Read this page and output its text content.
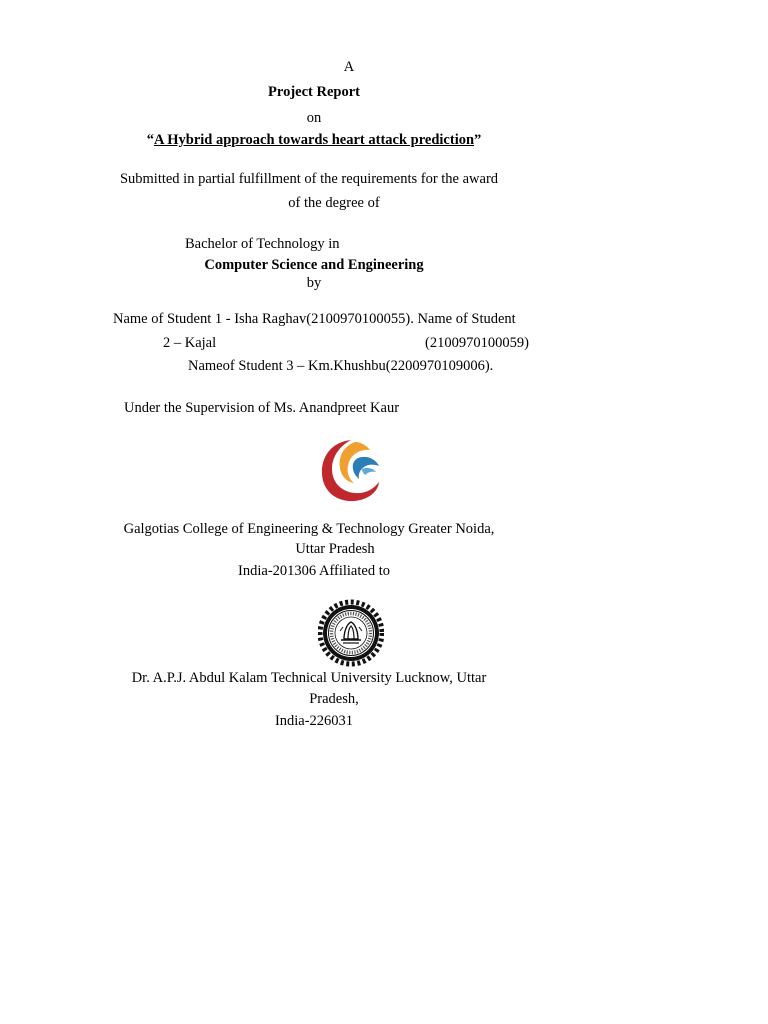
A
Project Report
on
“A Hybrid approach towards heart attack prediction”
Submitted in partial fulfillment of the requirements for the award
of the degree of
Bachelor of Technology in
Computer Science and Engineering
by
Name of Student 1 - Isha Raghav(2100970100055). Name of Student
2 – Kajal	(2100970100059)
Nameof Student 3 – Km.Khushbu(2200970109006).
Under the Supervision of Ms. Anandpreet Kaur
Galgotias College of Engineering & Technology Greater Noida,
Uttar Pradesh
India-201306 Affiliated to
Dr. A.P.J. Abdul Kalam Technical University Lucknow, Uttar
Pradesh,
India-226031
